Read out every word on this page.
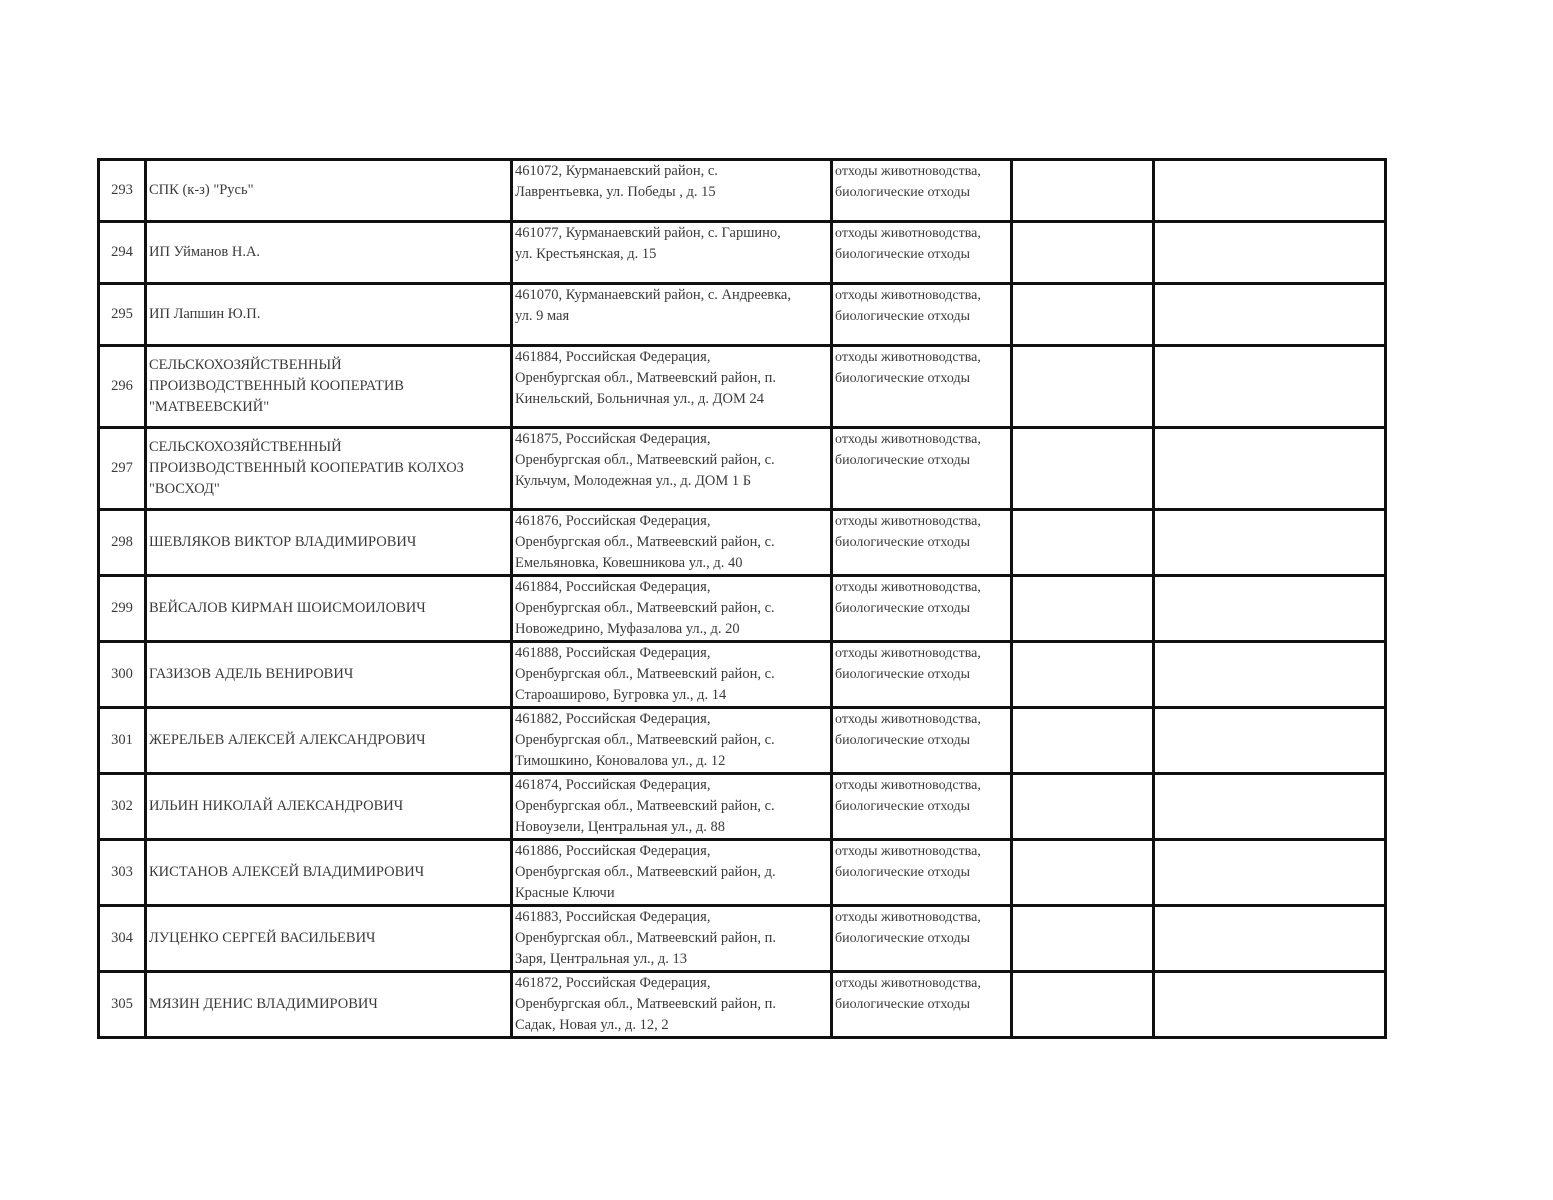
293	СПК (к-з) "Русь"	461072, Курманаевский район, с.
Лаврентьевка, ул. Победы , д. 15	отходы животноводства,
биологические отходы		
294	ИП Уйманов Н.А.	461077, Курманаевский район, с. Гаршино,
ул. Крестьянская, д. 15	отходы животноводства,
биологические отходы		
295	ИП Лапшин Ю.П.	461070, Курманаевский район, с. Андреевка,
ул. 9 мая	отходы животноводства,
биологические отходы		
296	СЕЛЬСКОХОЗЯЙСТВЕННЫЙ
ПРОИЗВОДСТВЕННЫЙ КООПЕРАТИВ
"МАТВЕЕВСКИЙ"	461884, Российская Федерация,
Оренбургская обл., Матвеевский район, п.
Кинельский, Больничная ул., д. ДОМ 24	отходы животноводства,
биологические отходы		
297	СЕЛЬСКОХОЗЯЙСТВЕННЫЙ
ПРОИЗВОДСТВЕННЫЙ КООПЕРАТИВ КОЛХОЗ
"ВОСХОД"	461875, Российская Федерация,
Оренбургская обл., Матвеевский район, с.
Кульчум, Молодежная ул., д. ДОМ 1 Б	отходы животноводства,
биологические отходы		
298	ШЕВЛЯКОВ ВИКТОР ВЛАДИМИРОВИЧ	461876, Российская Федерация,
Оренбургская обл., Матвеевский район, с.
Емельяновка, Ковешникова ул., д. 40	отходы животноводства,
биологические отходы		
299	ВЕЙСАЛОВ КИРМАН ШОИСМОИЛОВИЧ	461884, Российская Федерация,
Оренбургская обл., Матвеевский район, с.
Новожедрино, Муфазалова ул., д. 20	отходы животноводства,
биологические отходы		
300	ГАЗИЗОВ АДЕЛЬ ВЕНИРОВИЧ	461888, Российская Федерация,
Оренбургская обл., Матвеевский район, с.
Староаширово, Бугровка ул., д. 14	отходы животноводства,
биологические отходы		
301	ЖЕРЕЛЬЕВ АЛЕКСЕЙ АЛЕКСАНДРОВИЧ	461882, Российская Федерация,
Оренбургская обл., Матвеевский район, с.
Тимошкино, Коновалова ул., д. 12	отходы животноводства,
биологические отходы		
302	ИЛЬИН НИКОЛАЙ АЛЕКСАНДРОВИЧ	461874, Российская Федерация,
Оренбургская обл., Матвеевский район, с.
Новоузели, Центральная ул., д. 88	отходы животноводства,
биологические отходы		
303	КИСТАНОВ АЛЕКСЕЙ ВЛАДИМИРОВИЧ	461886, Российская Федерация,
Оренбургская обл., Матвеевский район, д.
Красные Ключи	отходы животноводства,
биологические отходы		
304	ЛУЦЕНКО СЕРГЕЙ ВАСИЛЬЕВИЧ	461883, Российская Федерация,
Оренбургская обл., Матвеевский район, п.
Заря, Центральная ул., д. 13	отходы животноводства,
биологические отходы		
305	МЯЗИН ДЕНИС ВЛАДИМИРОВИЧ	461872, Российская Федерация,
Оренбургская обл., Матвеевский район, п.
Садак, Новая ул., д. 12, 2	отходы животноводства,
биологические отходы		
